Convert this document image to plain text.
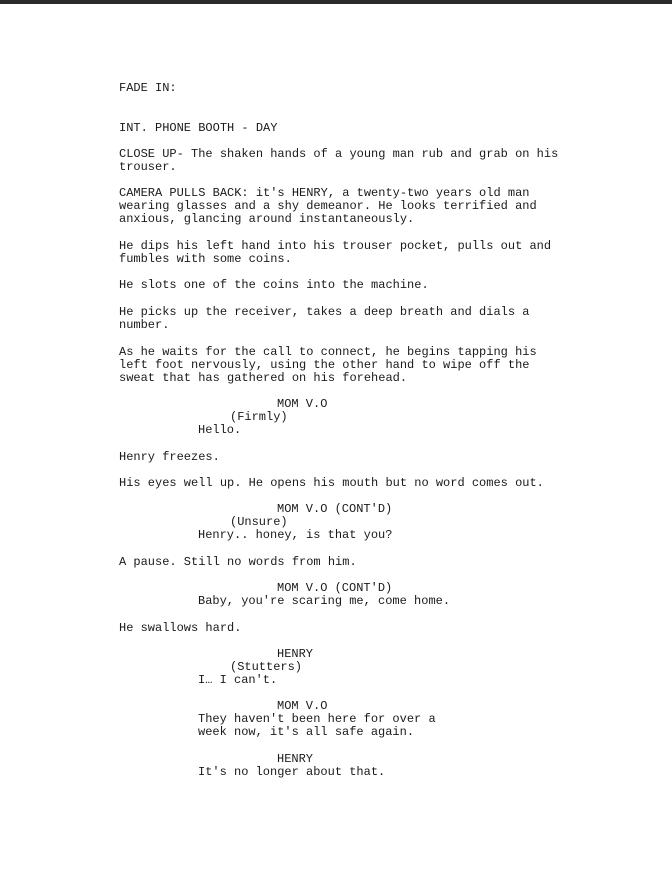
FADE IN:

INT. PHONE BOOTH - DAY

CLOSE UP- The shaken hands of a young man rub and grab on his

trouser.

CAMERA PULLS BACK: it's HENRY, a twenty-two years old man

wearing glasses and a shy demeanor. He looks terrified and

anxious, glancing around instantaneously.

He dips his left hand into his trouser pocket, pulls out and

fumbles with some coins.

He slots one of the coins into the machine.

He picks up the receiver, takes a deep breath and dials a

number.

As he waits for the call to connect, he begins tapping his

left foot nervously, using the other hand to wipe off the

sweat that has gathered on his forehead.

MOM V.O

(Firmly)

Hello.

Henry freezes.

His eyes well up. He opens his mouth but no word comes out.

MOM V.O (CONT'D)

(Unsure)

Henry.. honey, is that you?

A pause. Still no words from him.

MOM V.O (CONT'D)

Baby, you're scaring me, come home.

He swallows hard.

HENRY

(Stutters)

I… I can't.

MOM V.O

They haven't been here for over a

week now, it's all safe again.

HENRY

It's no longer about that.
